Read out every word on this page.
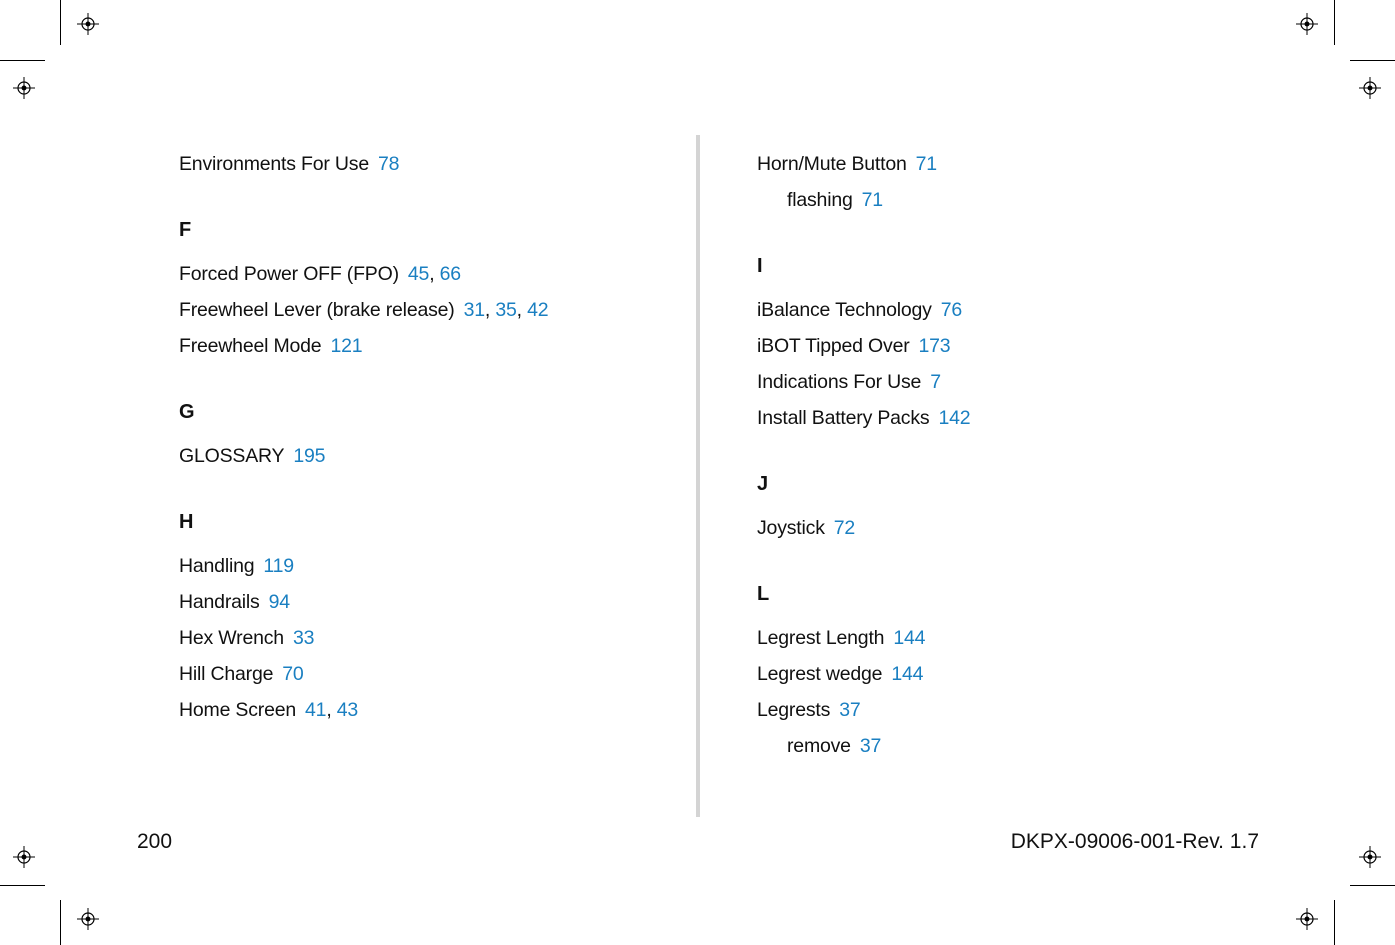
Environments For Use 78
F
Forced Power OFF (FPO) 45, 66
Freewheel Lever (brake release) 31, 35, 42
Freewheel Mode 121
G
GLOSSARY 195
H
Handling 119
Handrails 94
Hex Wrench 33
Hill Charge 70
Home Screen 41, 43
Horn/Mute Button 71
flashing 71
I
iBalance Technology 76
iBOT Tipped Over 173
Indications For Use 7
Install Battery Packs 142
J
Joystick 72
L
Legrest Length 144
Legrest wedge 144
Legrests 37
remove 37
200	DKPX-09006-001-Rev. 1.7
